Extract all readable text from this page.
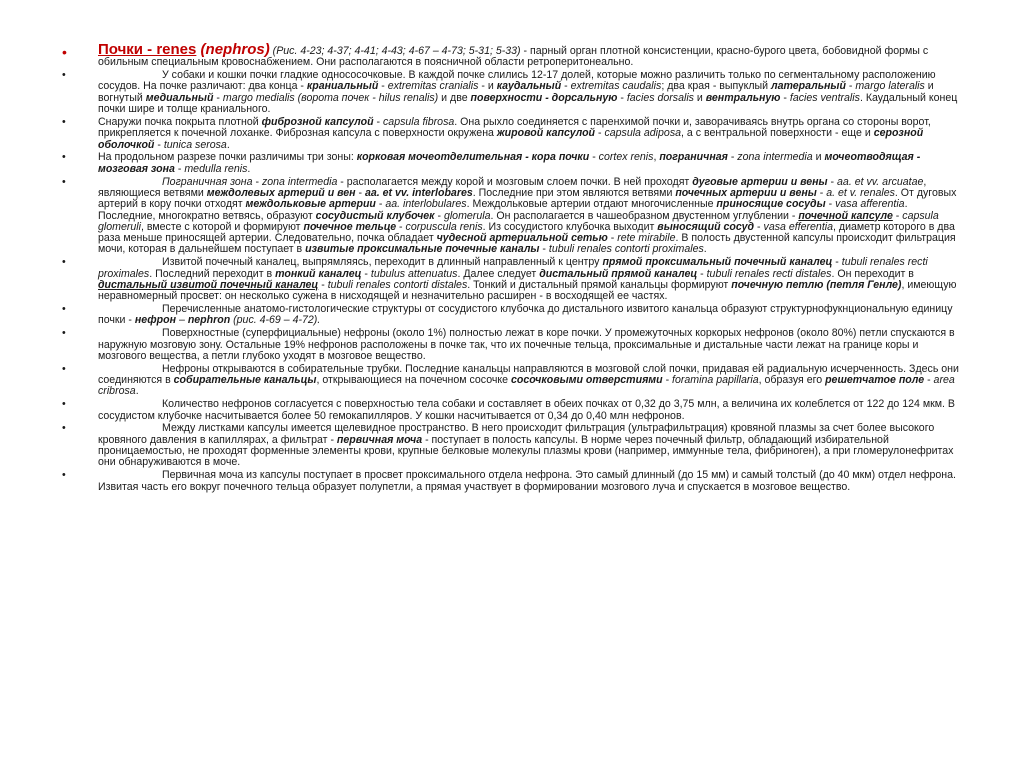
•	Почки - renes (nephros) (Рис. 4-23; 4-37; 4-41; 4-43; 4-67 – 4-73; 5-31; 5-33) - парный орган плотной консистенции, красно-бурого цвета, бобовидной формы с обильным специальным кровоснабжением. Они располагаются в поясничной области ретроперитонеально.
•	У собаки и кошки почки гладкие однососочковые. В каждой почке слились 12-17 долей, которые можно различить только по сегментальному расположению сосудов. На почке различают: два конца - краниальный - extremitas cranialis - и каудальный - extremitas caudalis; два края - выпуклый латеральный - margo lateralis и вогнутый медиальный - margo medialis (ворота почек - hilus renalis) и две поверхности - дорсальную - facies dorsalis и вентральную - facies ventralis. Каудальный конец почки шире и толще краниального.
•	Снаружи почка покрыта плотной фиброзной капсулой - capsula fibrosa. Она рыхло соединяется с паренхимой почки и, заворачиваясь внутрь органа со стороны ворот, прикрепляется к почечной лоханке. Фиброзная капсула с поверхности окружена жировой капсулой - capsula adiposa, а с вентральной поверхности - еще и серозной оболочкой - tunica serosa.
•	На продольном разрезе почки различимы три зоны: корковая мочеотделительная - кора почки - cortex renis, пограничная - zona intermedia и мочеотводящая - мозговая зона - medulla renis.
•	Пограничная зона - zona intermedia - располагается между корой и мозговым слоем почки. В ней проходят дуговые артерии и вены - aa. et vv. arcuatae, являющиеся ветвями междолевых артерий и вен - aa. et vv. interlobares. Последние при этом являются ветвями почечных артерии и вены - a. et v. renales. От дуговых артерий в кору почки отходят междольковые артерии - aa. interlobulares. Междольковые артерии отдают многочисленные приносящие сосуды - vasa afferentia. Последние, многократно ветвясь, образуют сосудистый клубочек - glomerula. Он располагается в чашеобразном двустенном углублении - почечной капсуле - capsula glomeruli, вместе с которой и формируют почечное тельце - corpuscula renis. Из сосудистого клубочка выходит выносящий сосуд - vasa efferentia, диаметр которого в два раза меньше приносящей артерии. Следовательно, почка обладает чудесной артериальной сетью - rete mirabile. В полость двустенной капсулы происходит фильтрация мочи, которая в дальнейшем поступает в извитые проксимальные почечные каналы - tubuli renales contorti proximales.
•	Извитой почечный каналец, выпрямляясь, переходит в длинный направленный к центру прямой проксимальный почечный каналец - tubuli renales recti proximales. Последний переходит в тонкий каналец - tubulus attenuatus. Далее следует дистальный прямой каналец - tubuli renales recti distales. Он переходит в дистальный извитой почечный каналец - tubuli renales contorti distales. Тонкий и дистальный прямой канальцы формируют почечную петлю (петля Генле), имеющую неравномерный просвет: он несколько сужена в нисходящей и незначительно расширен - в восходящей ее частях.
•	Перечисленные анатомо-гистологические структуры от сосудистого клубочка до дистального извитого канальца образуют структурнофукнциональную единицу почки - нефрон – nephron (рис. 4-69 – 4-72).
•	Поверхностные (суперфициальные) нефроны (около 1%) полностью лежат в коре почки. У промежуточных коркорых нефронов (около 80%) петли спускаются в наружную мозговую зону. Остальные 19% нефронов расположены в почке так, что их почечные тельца, проксимальные и дистальные части лежат на границе коры и мозгового вещества, а петли глубоко уходят в мозговое вещество.
•	Нефроны открываются в собирательные трубки. Последние канальцы направляются в мозговой слой почки, придавая ей радиальную исчерченность. Здесь они соединяются в собирательные канальцы, открывающиеся на почечном сосочке сосочковыми отверстиями - foramina papillaria, образуя его решетчатое поле - area cribrosa.
•	Количество нефронов согласуется с поверхностью тела собаки и составляет в обеих почках от 0,32 до 3,75 млн, а величина их колеблется от 122 до 124 мкм. В сосудистом клубочке насчитывается более 50 гемокапилляров. У кошки насчитывается от 0,34 до 0,40 млн нефронов.
•	Между листками капсулы имеется щелевидное пространство. В него происходит фильтрация (ультрафильтрация) кровяной плазмы за счет более высокого кровяного давления в капиллярах, а фильтрат - первичная моча - поступает в полость капсулы. В норме через почечный фильтр, обладающий избирательной проницаемостью, не проходят форменные элементы крови, крупные белковые молекулы плазмы крови (например, иммунные тела, фибриноген), а при гломерулонефритах они обнаруживаются в моче.
•	Первичная моча из капсулы поступает в просвет проксимального отдела нефрона. Это самый длинный (до 15 мм) и самый толстый (до 40 мкм) отдел нефрона. Извитая часть его вокруг почечного тельца образует полупетли, а прямая участвует в формировании мозгового луча и спускается в мозговое вещество.
